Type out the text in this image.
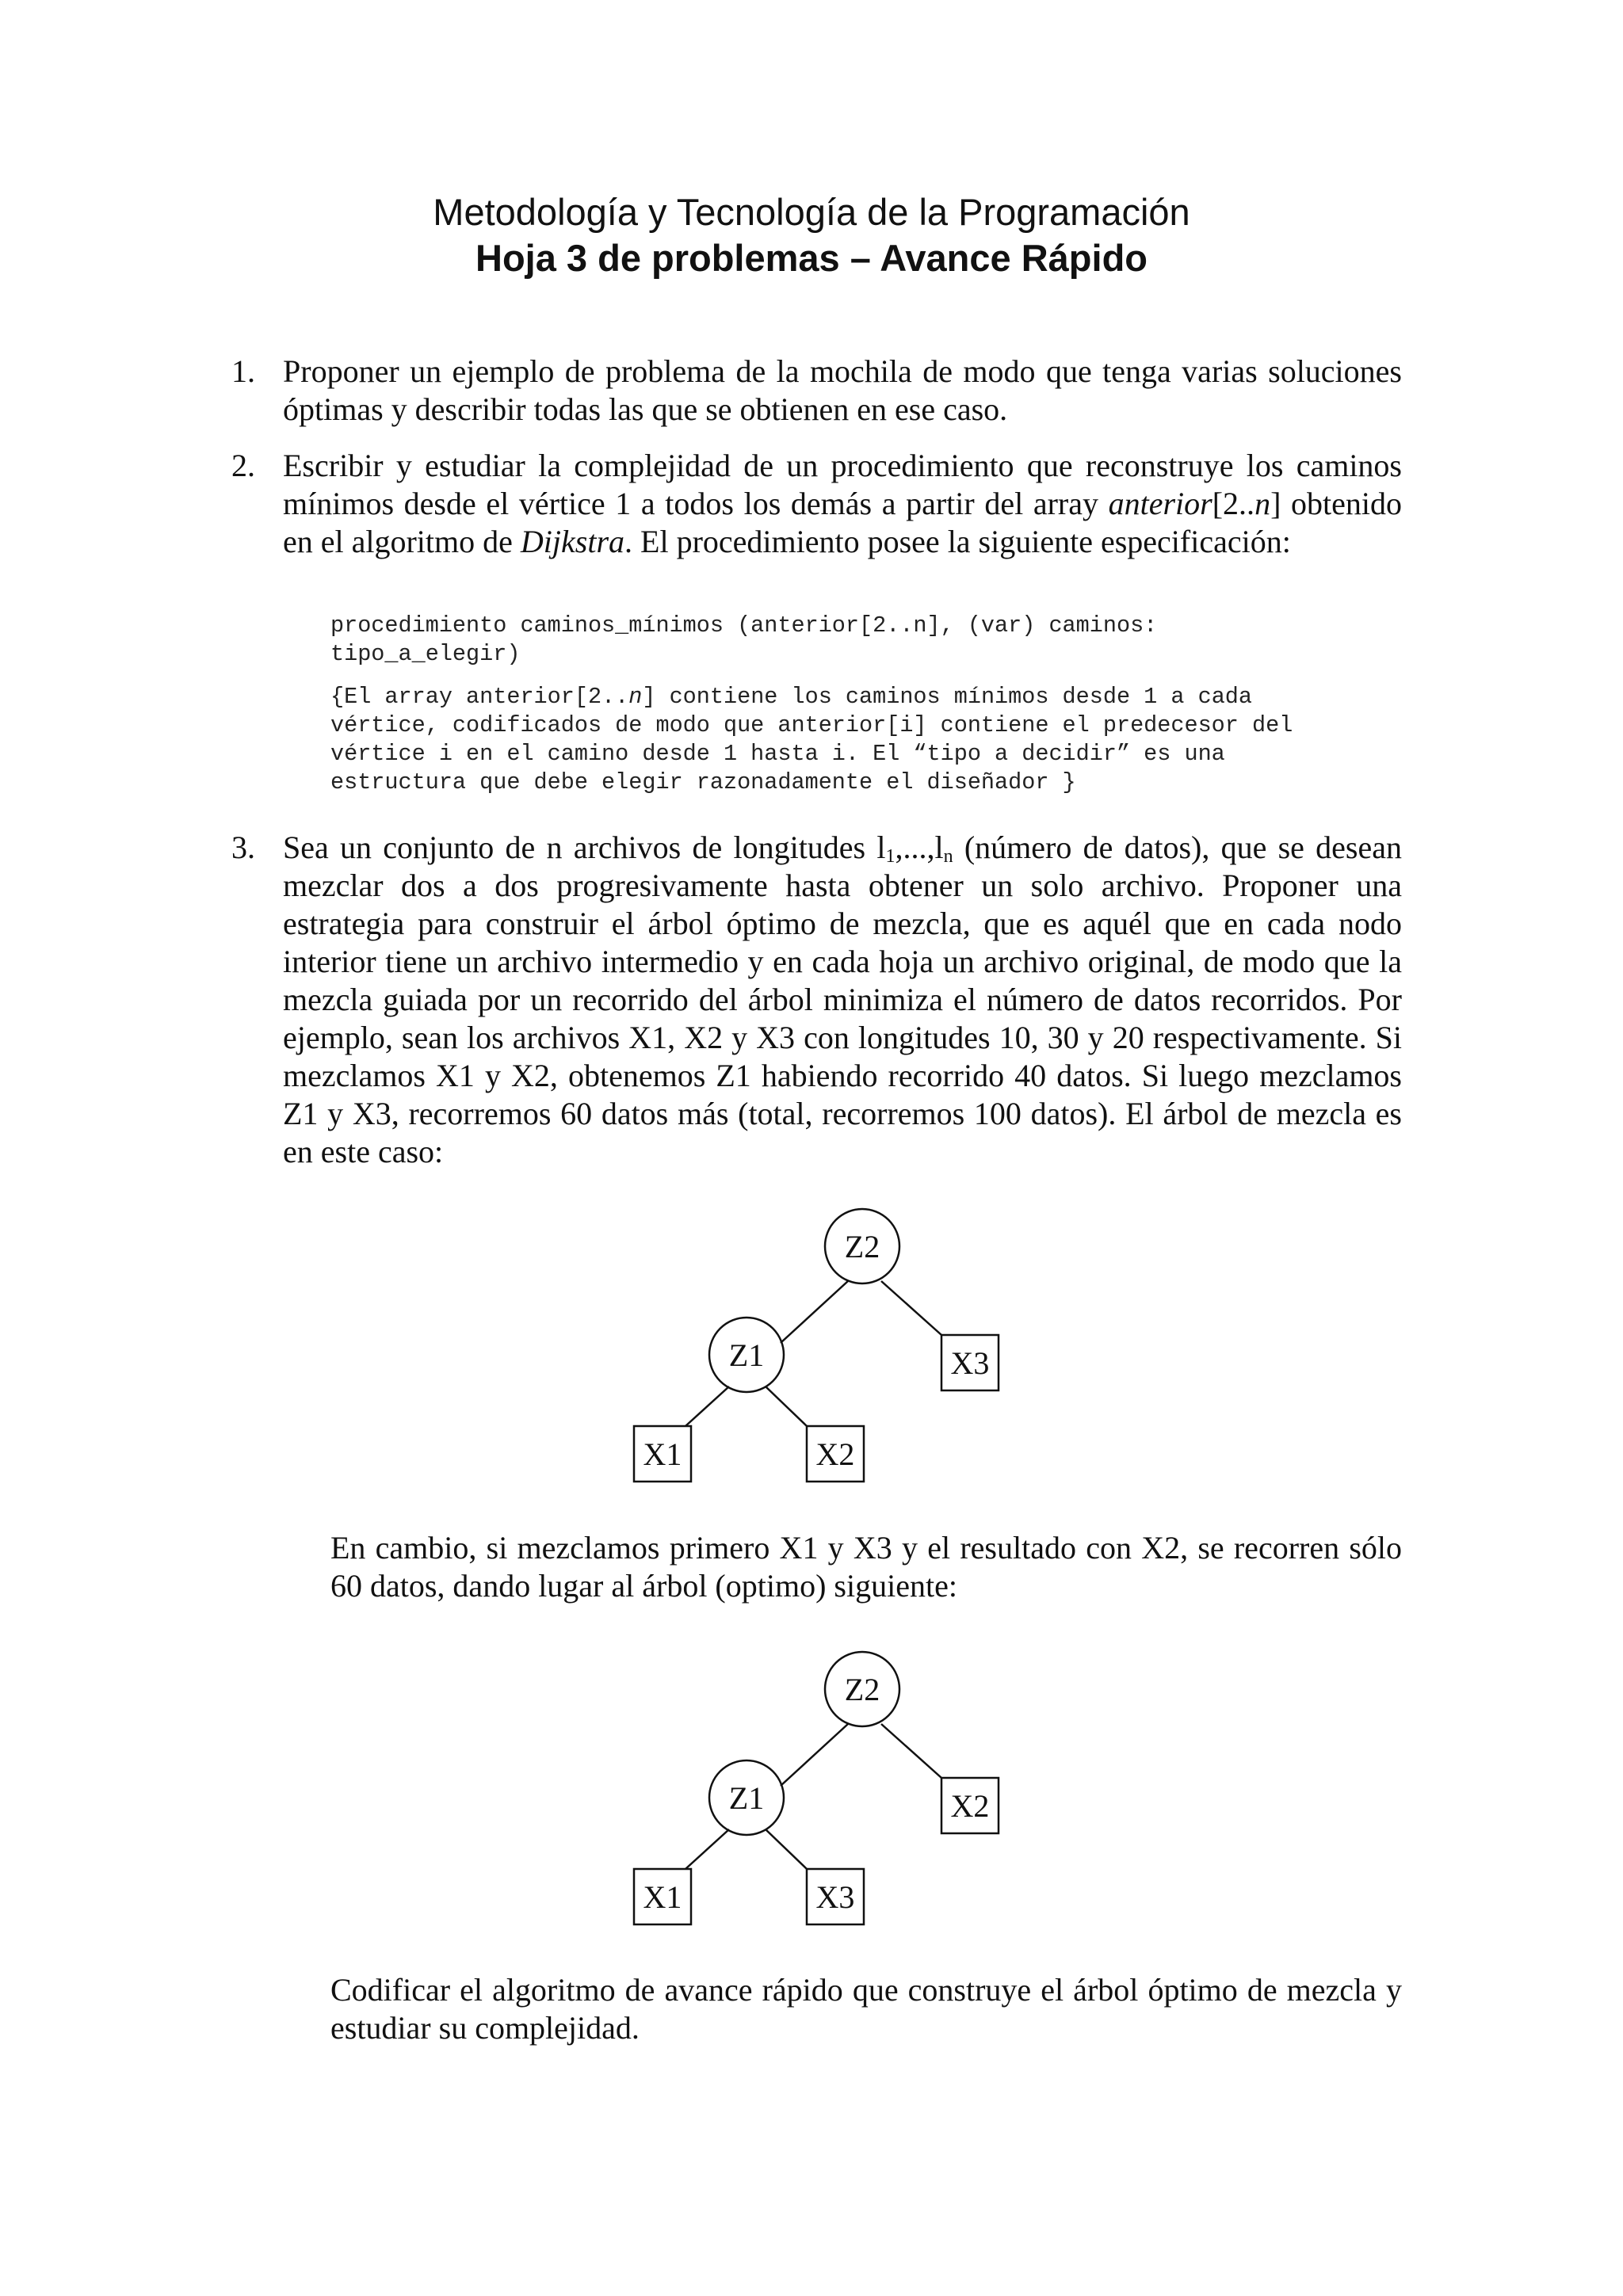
Metodología y Tecnología de la Programación
Hoja 3 de problemas – Avance Rápido
1. Proponer un ejemplo de problema de la mochila de modo que tenga varias soluciones óptimas y describir todas las que se obtienen en ese caso.
2. Escribir y estudiar la complejidad de un procedimiento que reconstruye los caminos mínimos desde el vértice 1 a todos los demás a partir del array anterior[2..n] obtenido en el algoritmo de Dijkstra. El procedimiento posee la siguiente especificación:
procedimiento caminos_mínimos (anterior[2..n], (var) caminos:
tipo_a_elegir)
{El array anterior[2..n] contiene los caminos mínimos desde 1 a cada
vértice, codificados de modo que anterior[i] contiene el predecesor del
vértice i en el camino desde 1 hasta i. El “tipo a decidir” es una
estructura que debe elegir razonadamente el diseñador }
3. Sea un conjunto de n archivos de longitudes $l_1,...,l_n$ (número de datos), que se desean mezclar dos a dos progresivamente hasta obtener un solo archivo. Proponer una estrategia para construir el árbol óptimo de mezcla, que es aquél que en cada nodo interior tiene un archivo intermedio y en cada hoja un archivo original, de modo que la mezcla guiada por un recorrido del árbol minimiza el número de datos recorridos. Por ejemplo, sean los archivos X1, X2 y X3 con longitudes 10, 30 y 20 respectivamente. Si mezclamos X1 y X2, obtenemos Z1 habiendo recorrido 40 datos. Si luego mezclamos Z1 y X3, recorremos 60 datos más (total, recorremos 100 datos). El árbol de mezcla es en este caso:
Z2
Z1	X3
X1	X2
En cambio, si mezclamos primero X1 y X3 y el resultado con X2, se recorren sólo 60 datos, dando lugar al árbol (optimo) siguiente:
Z2
Z1	X2
X1	X3
Codificar el algoritmo de avance rápido que construye el árbol óptimo de mezcla y estudiar su complejidad.
